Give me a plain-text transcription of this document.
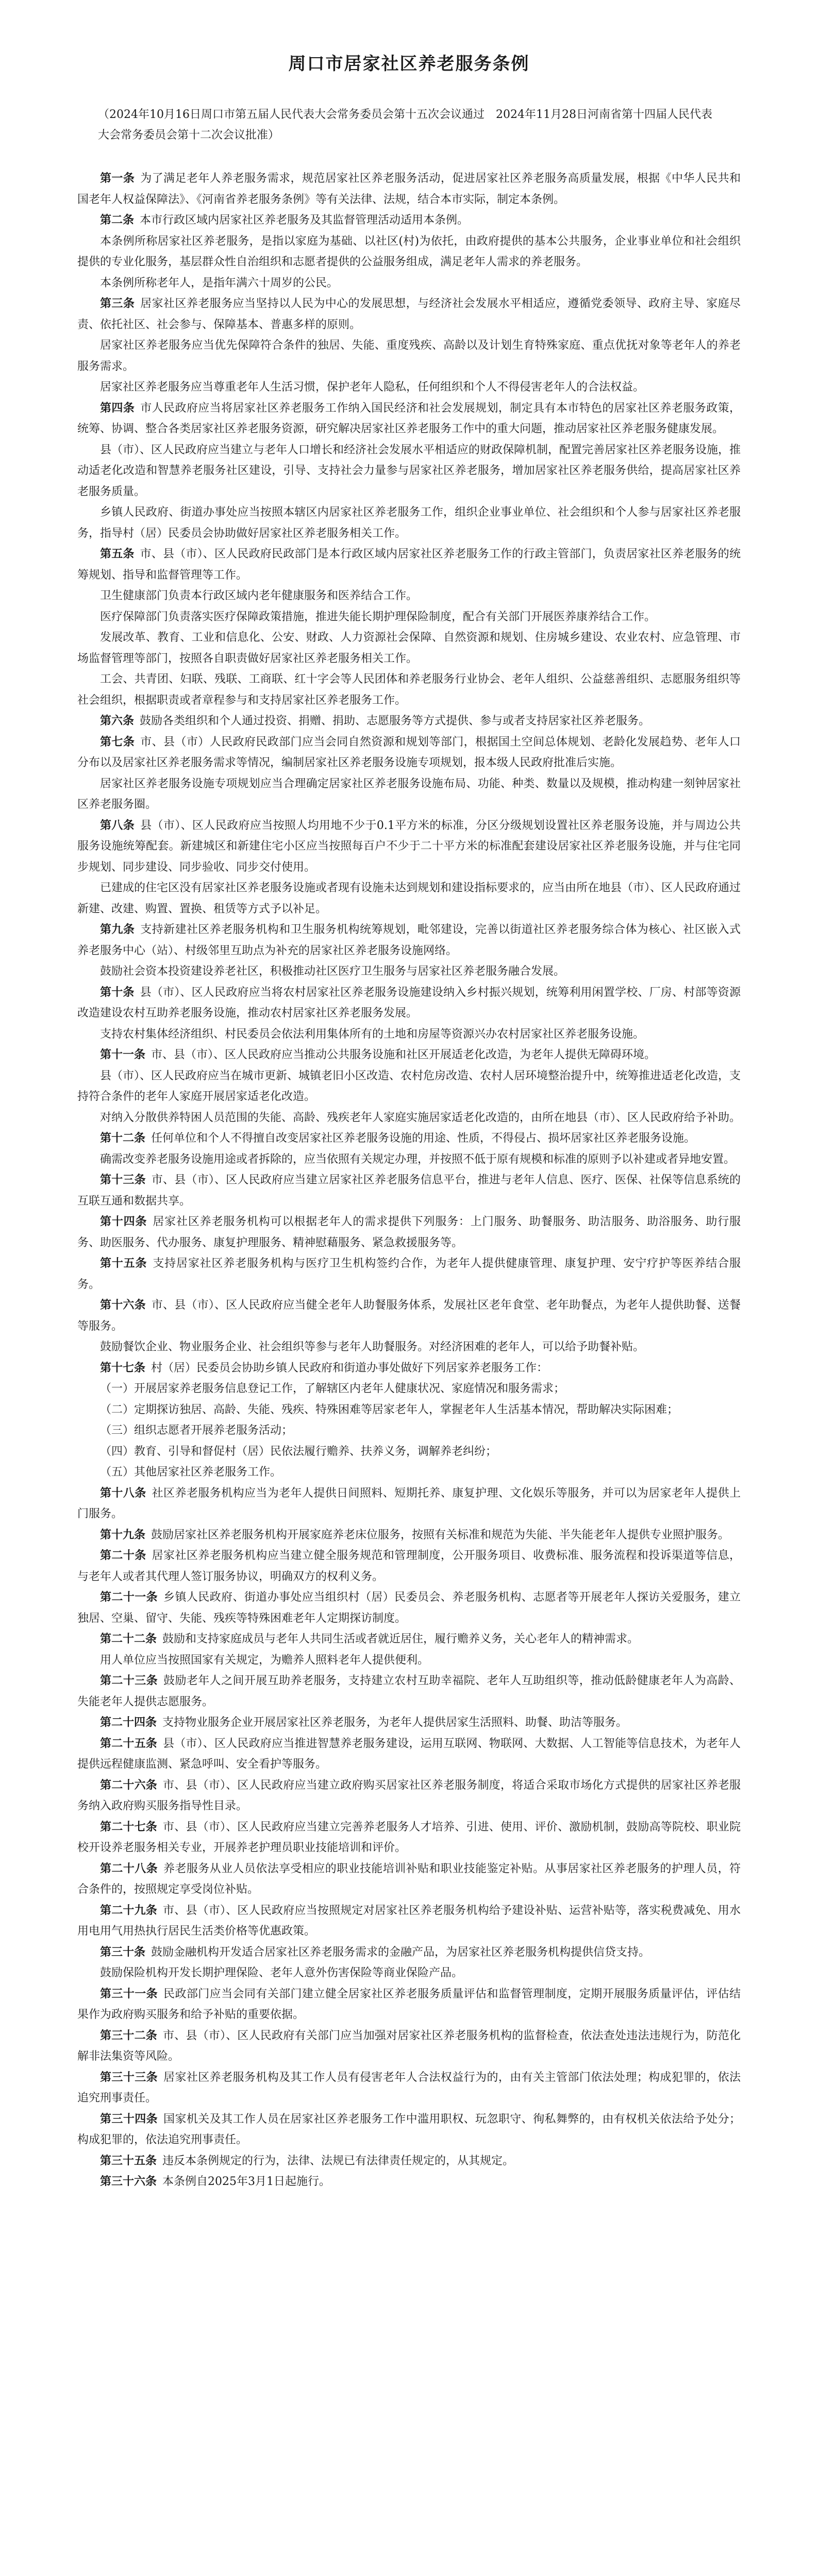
周口市居家社区养老服务条例

（2024年10月16日周口市第五届人民代表大会常务委员会第十五次会议通过　2024年11月28日河南省第十四届人民代表大会常务委员会第十二次会议批准）

第一条 为了满足老年人养老服务需求，规范居家社区养老服务活动，促进居家社区养老服务高质量发展，根据《中华人民共和国老年人权益保障法》、《河南省养老服务条例》等有关法律、法规，结合本市实际，制定本条例。

第二条 本市行政区域内居家社区养老服务及其监督管理活动适用本条例。

本条例所称居家社区养老服务，是指以家庭为基础、以社区(村)为依托，由政府提供的基本公共服务，企业事业单位和社会组织提供的专业化服务，基层群众性自治组织和志愿者提供的公益服务组成，满足老年人需求的养老服务。

本条例所称老年人，是指年满六十周岁的公民。

第三条 居家社区养老服务应当坚持以人民为中心的发展思想，与经济社会发展水平相适应，遵循党委领导、政府主导、家庭尽责、依托社区、社会参与、保障基本、普惠多样的原则。

居家社区养老服务应当优先保障符合条件的独居、失能、重度残疾、高龄以及计划生育特殊家庭、重点优抚对象等老年人的养老服务需求。

居家社区养老服务应当尊重老年人生活习惯，保护老年人隐私，任何组织和个人不得侵害老年人的合法权益。

第四条 市人民政府应当将居家社区养老服务工作纳入国民经济和社会发展规划，制定具有本市特色的居家社区养老服务政策，统筹、协调、整合各类居家社区养老服务资源，研究解决居家社区养老服务工作中的重大问题，推动居家社区养老服务健康发展。

县（市）、区人民政府应当建立与老年人口增长和经济社会发展水平相适应的财政保障机制，配置完善居家社区养老服务设施，推动适老化改造和智慧养老服务社区建设，引导、支持社会力量参与居家社区养老服务，增加居家社区养老服务供给，提高居家社区养老服务质量。

乡镇人民政府、街道办事处应当按照本辖区内居家社区养老服务工作，组织企业事业单位、社会组织和个人参与居家社区养老服务，指导村（居）民委员会协助做好居家社区养老服务相关工作。

第五条 市、县（市）、区人民政府民政部门是本行政区域内居家社区养老服务工作的行政主管部门，负责居家社区养老服务的统筹规划、指导和监督管理等工作。

卫生健康部门负责本行政区域内老年健康服务和医养结合工作。

医疗保障部门负责落实医疗保障政策措施，推进失能长期护理保险制度，配合有关部门开展医养康养结合工作。

发展改革、教育、工业和信息化、公安、财政、人力资源社会保障、自然资源和规划、住房城乡建设、农业农村、应急管理、市场监督管理等部门，按照各自职责做好居家社区养老服务相关工作。

工会、共青团、妇联、残联、工商联、红十字会等人民团体和养老服务行业协会、老年人组织、公益慈善组织、志愿服务组织等社会组织，根据职责或者章程参与和支持居家社区养老服务工作。

第六条 鼓励各类组织和个人通过投资、捐赠、捐助、志愿服务等方式提供、参与或者支持居家社区养老服务。

第七条 市、县（市）人民政府民政部门应当会同自然资源和规划等部门，根据国土空间总体规划、老龄化发展趋势、老年人口分布以及居家社区养老服务需求等情况，编制居家社区养老服务设施专项规划，报本级人民政府批准后实施。

居家社区养老服务设施专项规划应当合理确定居家社区养老服务设施布局、功能、种类、数量以及规模，推动构建一刻钟居家社区养老服务圈。

第八条 县（市）、区人民政府应当按照人均用地不少于0.1平方米的标准，分区分级规划设置社区养老服务设施，并与周边公共服务设施统筹配套。新建城区和新建住宅小区应当按照每百户不少于二十平方米的标准配套建设居家社区养老服务设施，并与住宅同步规划、同步建设、同步验收、同步交付使用。

已建成的住宅区没有居家社区养老服务设施或者现有设施未达到规划和建设指标要求的，应当由所在地县（市）、区人民政府通过新建、改建、购置、置换、租赁等方式予以补足。

第九条 支持新建社区养老服务机构和卫生服务机构统筹规划，毗邻建设，完善以街道社区养老服务综合体为核心、社区嵌入式养老服务中心（站）、村级邻里互助点为补充的居家社区养老服务设施网络。

鼓励社会资本投资建设养老社区，积极推动社区医疗卫生服务与居家社区养老服务融合发展。

第十条 县（市）、区人民政府应当将农村居家社区养老服务设施建设纳入乡村振兴规划，统筹利用闲置学校、厂房、村部等资源改造建设农村互助养老服务设施，推动农村居家社区养老服务发展。

支持农村集体经济组织、村民委员会依法利用集体所有的土地和房屋等资源兴办农村居家社区养老服务设施。

第十一条 市、县（市）、区人民政府应当推动公共服务设施和社区开展适老化改造，为老年人提供无障碍环境。

县（市）、区人民政府应当在城市更新、城镇老旧小区改造、农村危房改造、农村人居环境整治提升中，统筹推进适老化改造，支持符合条件的老年人家庭开展居家适老化改造。

对纳入分散供养特困人员范围的失能、高龄、残疾老年人家庭实施居家适老化改造的，由所在地县（市）、区人民政府给予补助。

第十二条 任何单位和个人不得擅自改变居家社区养老服务设施的用途、性质，不得侵占、损坏居家社区养老服务设施。

确需改变养老服务设施用途或者拆除的，应当依照有关规定办理，并按照不低于原有规模和标准的原则予以补建或者异地安置。

第十三条 市、县（市）、区人民政府应当建立居家社区养老服务信息平台，推进与老年人信息、医疗、医保、社保等信息系统的互联互通和数据共享。

第十四条 居家社区养老服务机构可以根据老年人的需求提供下列服务：上门服务、助餐服务、助洁服务、助浴服务、助行服务、助医服务、代办服务、康复护理服务、精神慰藉服务、紧急救援服务等。

第十五条 支持居家社区养老服务机构与医疗卫生机构签约合作，为老年人提供健康管理、康复护理、安宁疗护等医养结合服务。

第十六条 市、县（市）、区人民政府应当健全老年人助餐服务体系，发展社区老年食堂、老年助餐点，为老年人提供助餐、送餐等服务。

鼓励餐饮企业、物业服务企业、社会组织等参与老年人助餐服务。对经济困难的老年人，可以给予助餐补贴。

第十七条 村（居）民委员会协助乡镇人民政府和街道办事处做好下列居家养老服务工作：

（一）开展居家养老服务信息登记工作，了解辖区内老年人健康状况、家庭情况和服务需求；

（二）定期探访独居、高龄、失能、残疾、特殊困难等居家老年人，掌握老年人生活基本情况，帮助解决实际困难；

（三）组织志愿者开展养老服务活动；

（四）教育、引导和督促村（居）民依法履行赡养、扶养义务，调解养老纠纷；

（五）其他居家社区养老服务工作。

第十八条 社区养老服务机构应当为老年人提供日间照料、短期托养、康复护理、文化娱乐等服务，并可以为居家老年人提供上门服务。

第十九条 鼓励居家社区养老服务机构开展家庭养老床位服务，按照有关标准和规范为失能、半失能老年人提供专业照护服务。

第二十条 居家社区养老服务机构应当建立健全服务规范和管理制度，公开服务项目、收费标准、服务流程和投诉渠道等信息，与老年人或者其代理人签订服务协议，明确双方的权利义务。

第二十一条 乡镇人民政府、街道办事处应当组织村（居）民委员会、养老服务机构、志愿者等开展老年人探访关爱服务，建立独居、空巢、留守、失能、残疾等特殊困难老年人定期探访制度。

第二十二条 鼓励和支持家庭成员与老年人共同生活或者就近居住，履行赡养义务，关心老年人的精神需求。

用人单位应当按照国家有关规定，为赡养人照料老年人提供便利。

第二十三条 鼓励老年人之间开展互助养老服务，支持建立农村互助幸福院、老年人互助组织等，推动低龄健康老年人为高龄、失能老年人提供志愿服务。

第二十四条 支持物业服务企业开展居家社区养老服务，为老年人提供居家生活照料、助餐、助洁等服务。

第二十五条 县（市）、区人民政府应当推进智慧养老服务建设，运用互联网、物联网、大数据、人工智能等信息技术，为老年人提供远程健康监测、紧急呼叫、安全看护等服务。

第二十六条 市、县（市）、区人民政府应当建立政府购买居家社区养老服务制度，将适合采取市场化方式提供的居家社区养老服务纳入政府购买服务指导性目录。

第二十七条 市、县（市）、区人民政府应当建立完善养老服务人才培养、引进、使用、评价、激励机制，鼓励高等院校、职业院校开设养老服务相关专业，开展养老护理员职业技能培训和评价。

第二十八条 养老服务从业人员依法享受相应的职业技能培训补贴和职业技能鉴定补贴。从事居家社区养老服务的护理人员，符合条件的，按照规定享受岗位补贴。

第二十九条 市、县（市）、区人民政府应当按照规定对居家社区养老服务机构给予建设补贴、运营补贴等，落实税费减免、用水用电用气用热执行居民生活类价格等优惠政策。

第三十条 鼓励金融机构开发适合居家社区养老服务需求的金融产品，为居家社区养老服务机构提供信贷支持。

鼓励保险机构开发长期护理保险、老年人意外伤害保险等商业保险产品。

第三十一条 民政部门应当会同有关部门建立健全居家社区养老服务质量评估和监督管理制度，定期开展服务质量评估，评估结果作为政府购买服务和给予补贴的重要依据。

第三十二条 市、县（市）、区人民政府有关部门应当加强对居家社区养老服务机构的监督检查，依法查处违法违规行为，防范化解非法集资等风险。

第三十三条 居家社区养老服务机构及其工作人员有侵害老年人合法权益行为的，由有关主管部门依法处理；构成犯罪的，依法追究刑事责任。

第三十四条 国家机关及其工作人员在居家社区养老服务工作中滥用职权、玩忽职守、徇私舞弊的，由有权机关依法给予处分；构成犯罪的，依法追究刑事责任。

第三十五条 违反本条例规定的行为，法律、法规已有法律责任规定的，从其规定。

第三十六条 本条例自2025年3月1日起施行。
